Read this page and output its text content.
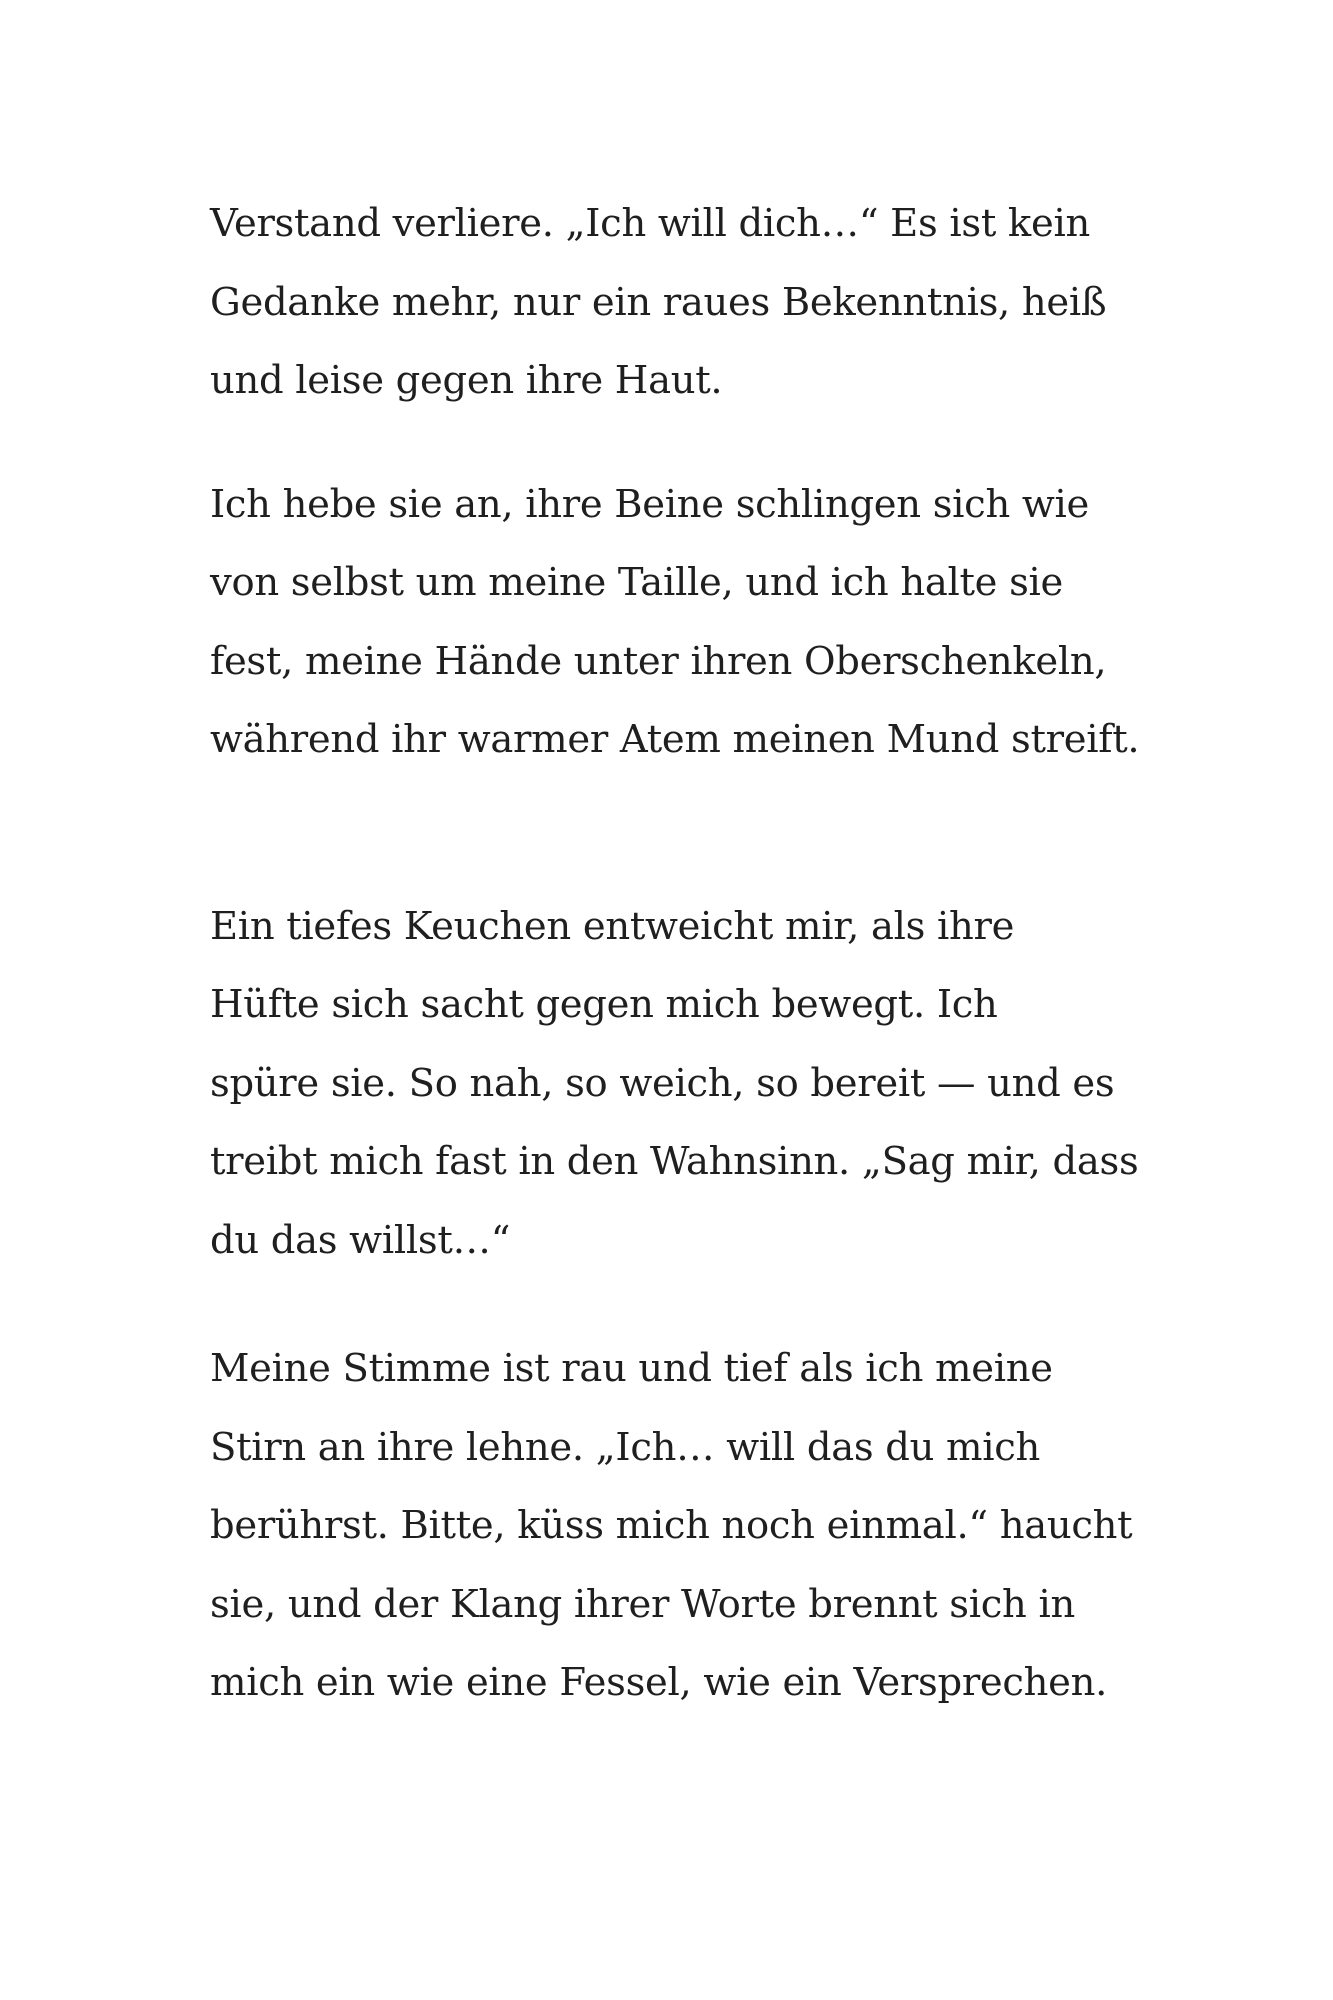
Verstand verliere. „Ich will dich…“ Es ist kein
Gedanke mehr, nur ein raues Bekenntnis, heiß
und leise gegen ihre Haut.
Ich hebe sie an, ihre Beine schlingen sich wie
von selbst um meine Taille, und ich halte sie
fest, meine Hände unter ihren Oberschenkeln,
während ihr warmer Atem meinen Mund streift.
Ein tiefes Keuchen entweicht mir, als ihre
Hüfte sich sacht gegen mich bewegt. Ich
spüre sie. So nah, so weich, so bereit — und es
treibt mich fast in den Wahnsinn. „Sag mir, dass
du das willst…“
Meine Stimme ist rau und tief als ich meine
Stirn an ihre lehne. „Ich… will das du mich
berührst. Bitte, küss mich noch einmal.“ haucht
sie, und der Klang ihrer Worte brennt sich in
mich ein wie eine Fessel, wie ein Versprechen.
